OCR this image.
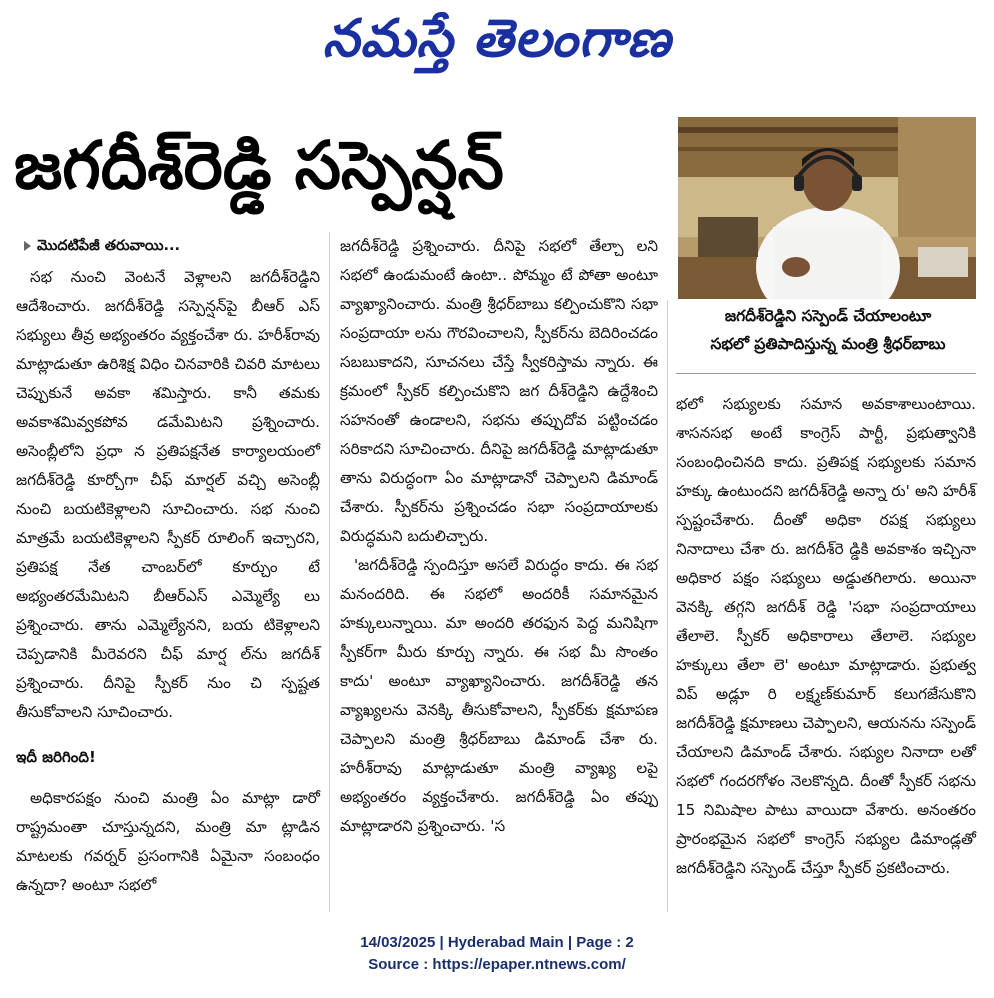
నమస్తే తెలంగాణ
జగదీశ్‌రెడ్డి సస్పెన్షన్
జగదీశ్‌రెడ్డిని సస్పెండ్ చేయాలంటూ
సభలో ప్రతిపాదిస్తున్న మంత్రి శ్రీధర్‌బాబు
మొదటిపేజీ తరువాయి...

సభ నుంచి వెంటనే వెళ్లాలని జగదీశ్‌రెడ్డిని ఆదేశించారు. జగదీశ్‌రెడ్డి సస్పెన్షన్‌పై బీఆర్ ఎస్ సభ్యులు తీవ్ర అభ్యంతరం వ్యక్తంచేశా రు. హరీశ్‌రావు మాట్లాడుతూ ఉరిశిక్ష విధిం చినవారికి చివరి మాటలు చెప్పుకునే అవకా శమిస్తారు. కానీ తమకు అవకాశమివ్వకపోవ డమేమిటని ప్రశ్నించారు. అసెంబ్లీలోని ప్రధా న ప్రతిపక్షనేత కార్యాలయంలో జగదీశ్‌రెడ్డి కూర్చోగా చీఫ్ మార్షల్ వచ్చి అసెంబ్లీ నుంచి బయటికెళ్లాలని సూచించారు. సభ నుంచి మాత్రమే బయటికెళ్లాలని స్పీకర్ రూలింగ్ ఇచ్చారని, ప్రతిపక్ష నేత చాంబర్‌లో కూర్చుం టే అభ్యంతరమేమిటని బీఆర్‌ఎస్ ఎమ్మెల్యే లు ప్రశ్నించారు. తాను ఎమ్మెల్యేనని, బయ టికెళ్లాలని చెప్పడానికి మీరెవరని చీఫ్ మార్ష ల్‌ను జగదీశ్ ప్రశ్నించారు. దీనిపై స్పీకర్ నుం చి స్పష్టత తీసుకోవాలని సూచించారు.

ఇదీ జరిగింది!

అధికారపక్షం నుంచి మంత్రి ఏం మాట్లా డారో రాష్ట్రమంతా చూస్తున్నదని, మంత్రి మా ట్లాడిన మాటలకు గవర్నర్ ప్రసంగానికి ఏమైనా సంబంధం ఉన్నదా? అంటూ సభలో

జగదీశ్‌రెడ్డి ప్రశ్నించారు. దీనిపై సభలో తేల్చా లని సభలో ఉండుమంటే ఉంటా.. పోమ్మం టే పోతా అంటూ వ్యాఖ్యానించారు. మంత్రి శ్రీధర్‌బాబు కల్పించుకొని సభా సంప్రదాయా లను గౌరవించాలని, స్పీకర్‌ను బెదిరించడం సబబుకాదని, సూచనలు చేస్తే స్వీకరిస్తామ న్నారు. ఈ క్రమంలో స్పీకర్ కల్పించుకొని జగ దీశ్‌రెడ్డిని ఉద్దేశించి సహనంతో ఉండాలని, సభను తప్పుదోవ పట్టించడం సరికాదని సూచించారు. దీనిపై జగదీశ్‌రెడ్డి మాట్లాడుతూ తాను విరుద్ధంగా ఏం మాట్లాడానో చెప్పాలని డిమాండ్ చేశారు. స్పీకర్‌ను ప్రశ్నించడం సభా సంప్రదాయాలకు విరుద్ధమని బదులిచ్చారు.

'జగదీశ్‌రెడ్డి స్పందిస్తూ అసలే విరుద్ధం కాదు. ఈ సభ మనందరిది. ఈ సభలో అందరికీ సమానమైన హక్కులున్నాయి. మా అందరి తరఫున పెద్ద మనిషిగా స్పీకర్‌గా మీరు కూర్చు న్నారు. ఈ సభ మీ సొంతం కాదు' అంటూ వ్యాఖ్యానించారు. జగదీశ్‌రెడ్డి తన వ్యాఖ్యలను వెనక్కి తీసుకోవాలని, స్పీకర్‌కు క్షమాపణ చెప్పాలని మంత్రి శ్రీధర్‌బాబు డిమాండ్ చేశా రు. హరీశ్‌రావు మాట్లాడుతూ మంత్రి వ్యాఖ్య లపై అభ్యంతరం వ్యక్తంచేశారు. జగదీశ్‌రెడ్డి ఏం తప్పు మాట్లాడారని ప్రశ్నించారు. 'స

భలో సభ్యులకు సమాన అవకాశాలుంటాయి. శాసనసభ అంటే కాంగ్రెస్ పార్టీ, ప్రభుత్వానికి సంబంధించినది కాదు. ప్రతిపక్ష సభ్యులకు సమాన హక్కు ఉంటుందని జగదీశ్‌రెడ్డి అన్నా రు' అని హరీశ్ స్పష్టంచేశారు. దీంతో అధికా రపక్ష సభ్యులు నినాదాలు చేశా రు. జగదీశ్‌రె డ్డికి అవకాశం ఇచ్చినా అధికార పక్షం సభ్యులు అడ్డుతగిలారు. అయినా వెనక్కి తగ్గని జగదీశ్ రెడ్డి 'సభా సంప్రదాయాలు తేలాలె. స్పీకర్ అధికారాలు తేలాలె. సభ్యుల హక్కులు తేలా లె' అంటూ మాట్లాడారు. ప్రభుత్వ విప్ అడ్లూ రి లక్ష్మణ్‌కుమార్ కలుగజేసుకొని జగదీశ్‌రెడ్డి క్షమాణలు చెప్పాలని, ఆయనను సస్పెండ్ చేయాలని డిమాండ్ చేశారు. సభ్యుల నినాదా లతో సభలో గందరగోళం నెలకొన్నది. దీంతో స్పీకర్ సభను 15 నిమిషాల పాటు వాయిదా వేశారు. అనంతరం ప్రారంభమైన సభలో కాంగ్రెస్ సభ్యుల డిమాండ్లతో జగదీశ్‌రెడ్డిని సస్పెండ్ చేస్తూ స్పీకర్ ప్రకటించారు.

14/03/2025 | Hyderabad Main | Page : 2
Source : https://epaper.ntnews.com/
